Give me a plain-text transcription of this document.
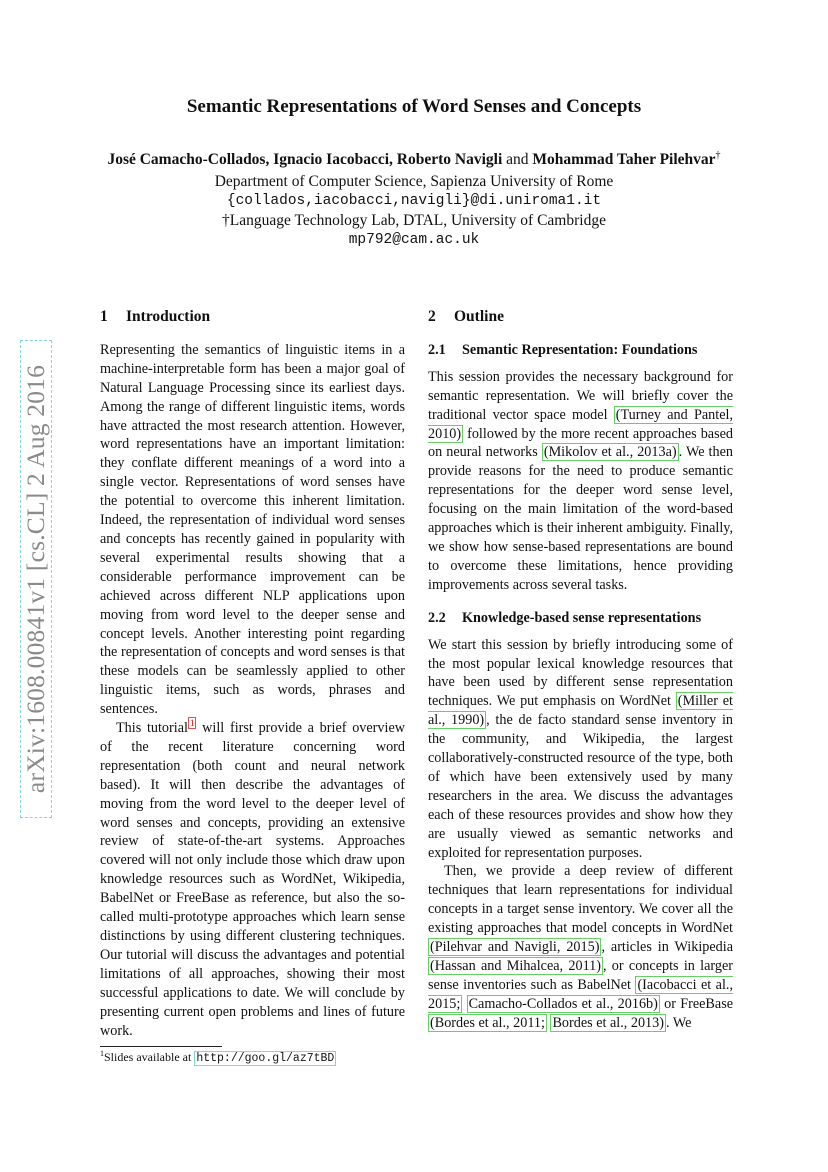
arXiv:1608.00841v1 [cs.CL] 2 Aug 2016
Semantic Representations of Word Senses and Concepts
José Camacho-Collados, Ignacio Iacobacci, Roberto Navigli and Mohammad Taher Pilehvar†
Department of Computer Science, Sapienza University of Rome
{collados,iacobacci,navigli}@di.uniroma1.it
†Language Technology Lab, DTAL, University of Cambridge
mp792@cam.ac.uk
1 Introduction

Representing the semantics of linguistic items in a machine-interpretable form has been a major goal of Natural Language Processing since its earliest days. Among the range of different linguistic items, words have attracted the most research attention. However, word representations have an important limitation: they conflate different meanings of a word into a single vector. Representations of word senses have the potential to overcome this inherent limitation. Indeed, the representation of individual word senses and concepts has recently gained in popularity with several experimental results showing that a considerable performance improvement can be achieved across different NLP applications upon moving from word level to the deeper sense and concept levels. Another interesting point regarding the representation of concepts and word senses is that these models can be seamlessly applied to other linguistic items, such as words, phrases and sentences.

This tutorial $^1$ will first provide a brief overview of the recent literature concerning word representation (both count and neural network based). It will then describe the advantages of moving from the word level to the deeper level of word senses and concepts, providing an extensive review of state-of-the-art systems. Approaches covered will not only include those which draw upon knowledge resources such as WordNet, Wikipedia, BabelNet or FreeBase as reference, but also the so-called multi-prototype approaches which learn sense distinctions by using different clustering techniques. Our tutorial will discuss the advantages and potential limitations of all approaches, showing their most successful applications to date. We will conclude by presenting current open problems and lines of future work.

2 Outline
2.1 Semantic Representation: Foundations

This session provides the necessary background for semantic representation. We will briefly cover the traditional vector space model (Turney and Pantel, 2010) followed by the more recent approaches based on neural networks (Mikolov et al., 2013a) . We then provide reasons for the need to produce semantic representations for the deeper word sense level, focusing on the main limitation of the word-based approaches which is their inherent ambiguity. Finally, we show how sense-based representations are bound to overcome these limitations, hence providing improvements across several tasks.

2.2 Knowledge-based sense representations

We start this session by briefly introducing some of the most popular lexical knowledge resources that have been used by different sense representation techniques. We put emphasis on WordNet (Miller et al., 1990) , the de facto standard sense inventory in the community, and Wikipedia, the largest collaboratively-constructed resource of the type, both of which have been extensively used by many researchers in the area. We discuss the advantages each of these resources provides and show how they are usually viewed as semantic networks and exploited for representation purposes.

Then, we provide a deep review of different techniques that learn representations for individual concepts in a target sense inventory. We cover all the existing approaches that model concepts in WordNet (Pilehvar and Navigli, 2015) , articles in Wikipedia (Hassan and Mihalcea, 2011) , or concepts in larger sense inventories such as BabelNet (Iacobacci et al., 2015; Camacho-Collados et al., 2016b) or FreeBase (Bordes et al., 2011; Bordes et al., 2013) . We

$^1$Slides available at http://goo.gl/az7tBD
